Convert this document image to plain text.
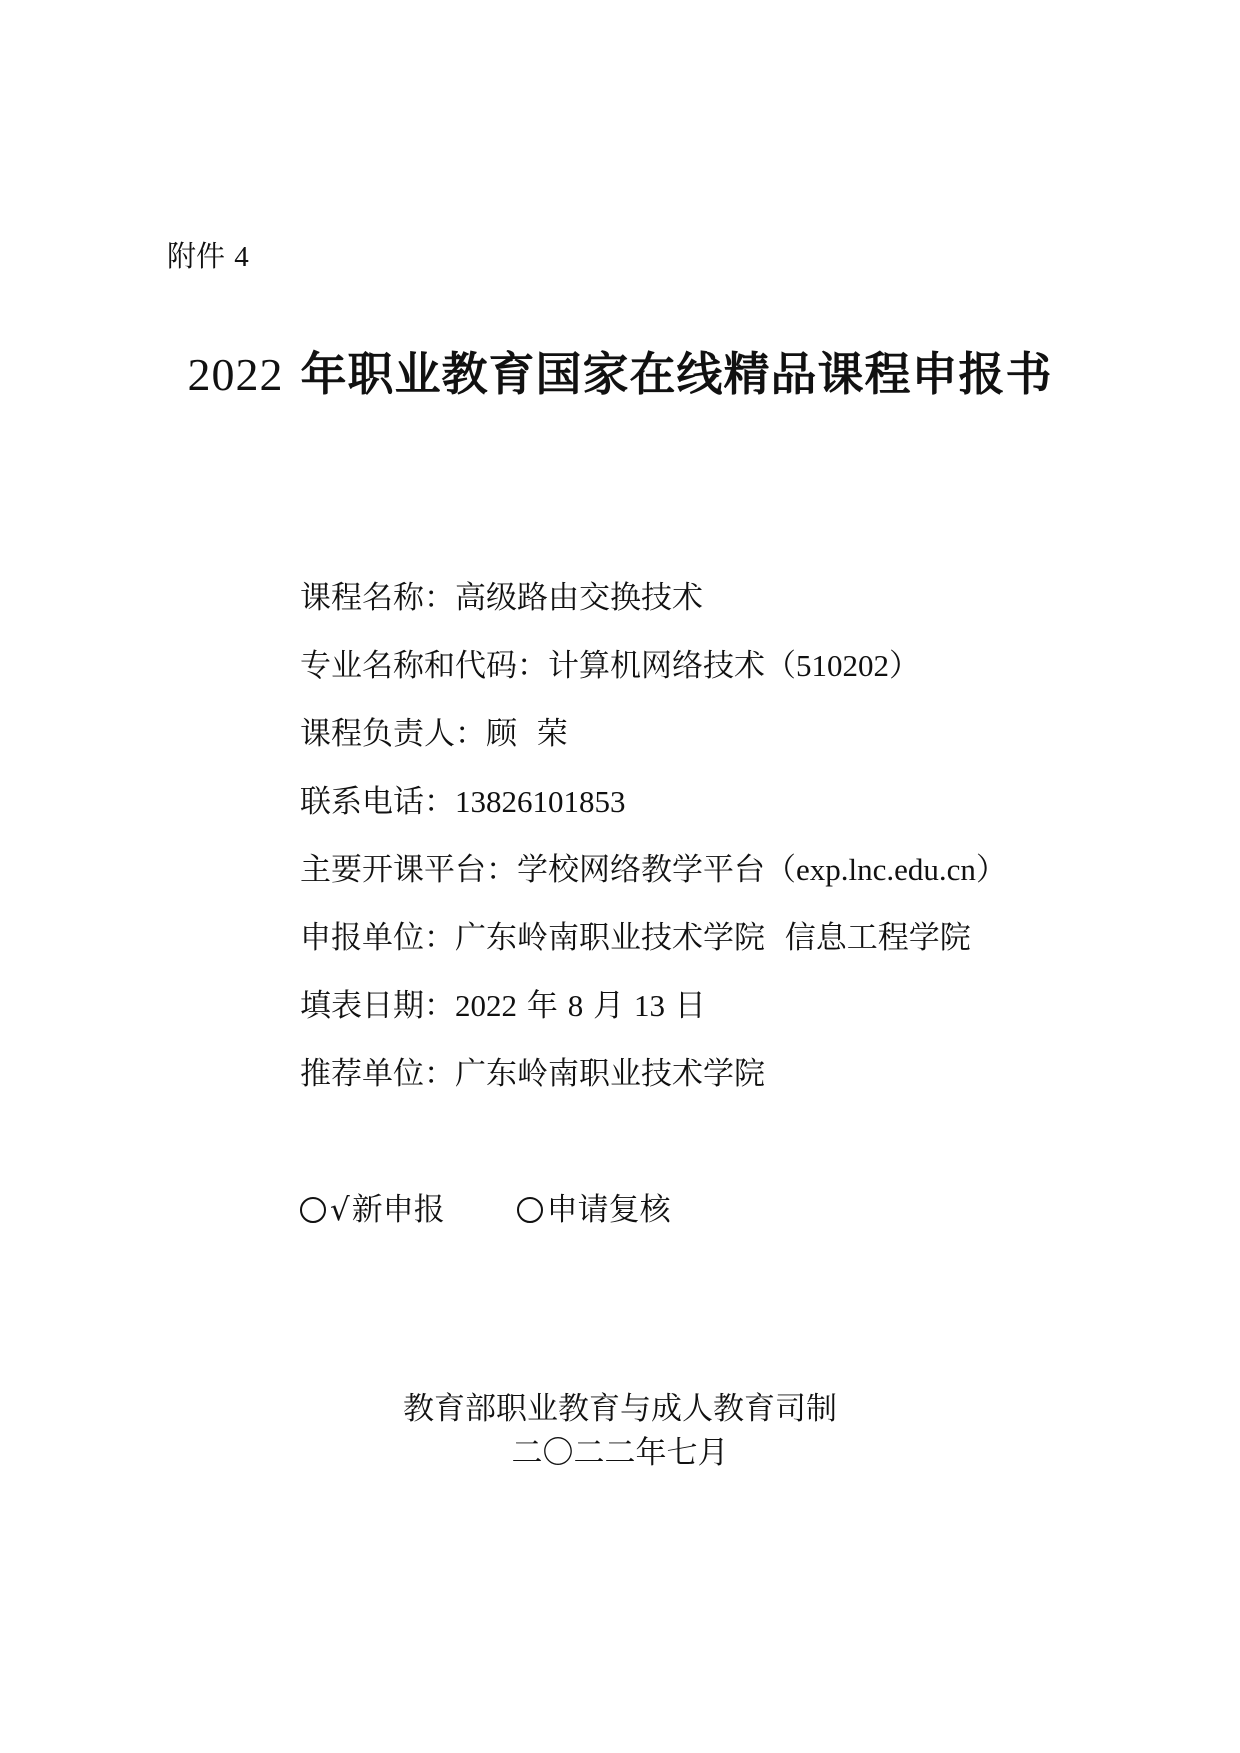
附件 4
2022 年职业教育国家在线精品课程申报书
课程名称：高级路由交换技术
专业名称和代码：计算机网络技术（510202）
课程负责人：顾  荣
联系电话：13826101853
主要开课平台：学校网络教学平台（exp.lnc.edu.cn）
申报单位：广东岭南职业技术学院  信息工程学院
填表日期：2022 年 8 月 13 日
推荐单位：广东岭南职业技术学院
√ 新申报
	申请复核
教育部职业教育与成人教育司制
二〇二二年七月
